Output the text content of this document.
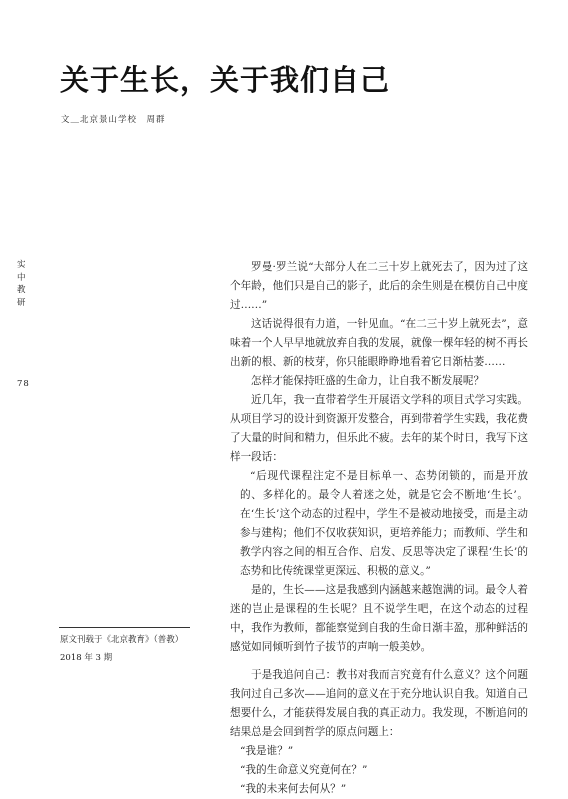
关于生长，关于我们自己
文＿北京景山学校　周群
实中教研
78
原文刊载于《北京教育》（普教）
2018 年 3 期

罗曼·罗兰说“大部分人在二三十岁上就死去了，因为过了这个年龄，他们只是自己的影子，此后的余生则是在模仿自己中度过……”

这话说得很有力道，一针见血。“在二三十岁上就死去”，意味着一个人早早地就放弃自我的发展，就像一棵年轻的树不再长出新的根、新的枝芽，你只能眼睁睁地看着它日渐枯萎……

怎样才能保持旺盛的生命力，让自我不断发展呢？

近几年，我一直带着学生开展语文学科的项目式学习实践。从项目学习的设计到资源开发整合，再到带着学生实践，我花费了大量的时间和精力，但乐此不疲。去年的某个时日，我写下这样一段话：

“后现代课程注定不是目标单一、态势闭锁的，而是开放的、多样化的。最令人着迷之处，就是它会不断地‘生长’。在‘生长’这个动态的过程中，学生不是被动地接受，而是主动参与建构；他们不仅收获知识，更培养能力；而教师、学生和教学内容之间的相互合作、启发、反思等决定了课程‘生长’的态势和比传统课堂更深远、积极的意义。”

是的，生长——这是我感到内涵越来越饱满的词。最令人着迷的岂止是课程的生长呢？且不说学生吧，在这个动态的过程中，我作为教师，都能察觉到自我的生命日渐丰盈，那种鲜活的感觉如同倾听到竹子拔节的声响一般美妙。

于是我追问自己：教书对我而言究竟有什么意义？这个问题我问过自己多次——追问的意义在于充分地认识自我。知道自己想要什么，才能获得发展自我的真正动力。我发现，不断追问的结果总是会回到哲学的原点问题上：

“我是谁？”

“我的生命意义究竟何在？”

“我的未来何去何从？”
